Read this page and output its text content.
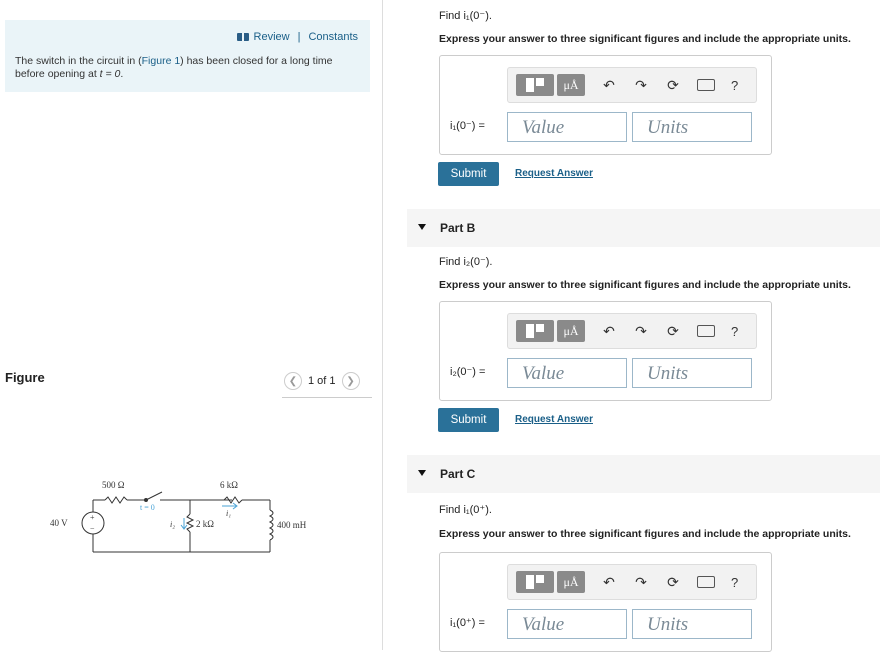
Review | Constants
The switch in the circuit in (Figure 1) has been closed for a long time before opening at t = 0.
Figure	❮ 1 of 1	❯
+
−
40 V
500 Ω
t = 0
2 kΩ
i₂
6 kΩ
i₁
400 mH
Find i₁(0⁻).
Express your answer to three significant figures and include the appropriate units.
μÅ	↶ ↷ ⟳	?
i₁(0⁻) =	Value	Units
Submit	Request Answer
Part B
Find i₂(0⁻).
Express your answer to three significant figures and include the appropriate units.
μÅ	↶ ↷ ⟳	?
i₂(0⁻) =	Value	Units
Submit	Request Answer
Part C
Find i₁(0⁺).
Express your answer to three significant figures and include the appropriate units.
μÅ	↶ ↷ ⟳	?
i₁(0⁺) =	Value	Units
